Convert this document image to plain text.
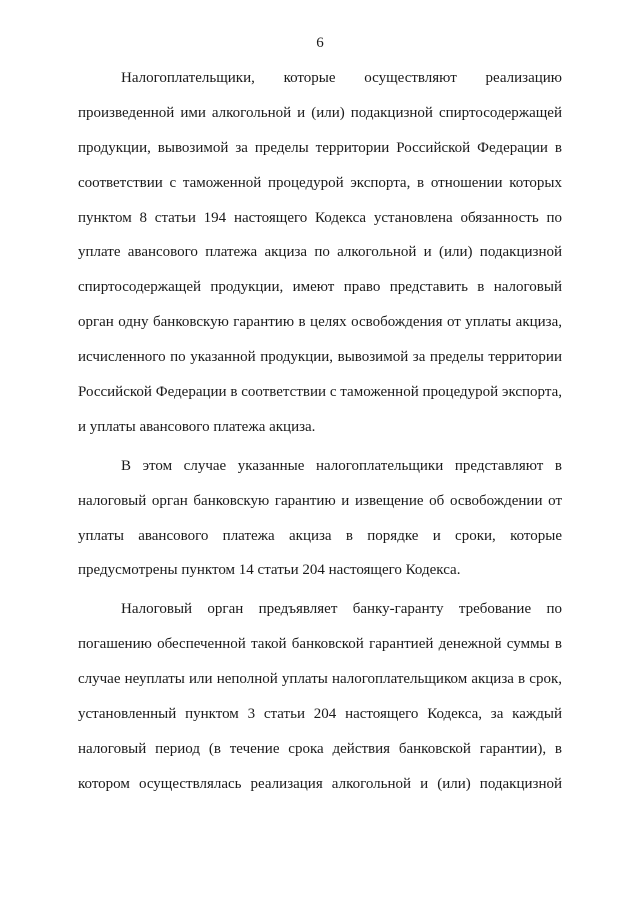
6

Налогоплательщики, которые осуществляют реализацию
произведенной ими алкогольной и (или) подакцизной спиртосодержащей
продукции, вывозимой за пределы территории Российской Федерации в
соответствии с таможенной процедурой экспорта, в отношении которых
пунктом 8 статьи 194 настоящего Кодекса установлена обязанность по
уплате авансового платежа акциза по алкогольной и (или) подакцизной
спиртосодержащей продукции, имеют право представить в налоговый
орган одну банковскую гарантию в целях освобождения от уплаты акциза,
исчисленного по указанной продукции, вывозимой за пределы территории
Российской Федерации в соответствии с таможенной процедурой экспорта,
и уплаты авансового платежа акциза.

В этом случае указанные налогоплательщики представляют в
налоговый орган банковскую гарантию и извещение об освобождении от
уплаты авансового платежа акциза в порядке и сроки, которые
предусмотрены пунктом 14 статьи 204 настоящего Кодекса.

Налоговый орган предъявляет банку-гаранту требование по
погашению обеспеченной такой банковской гарантией денежной суммы в
случае неуплаты или неполной уплаты налогоплательщиком акциза в срок,
установленный пунктом 3 статьи 204 настоящего Кодекса, за каждый
налоговый период (в течение срока действия банковской гарантии), в
котором осуществлялась реализация алкогольной и (или) подакцизной
